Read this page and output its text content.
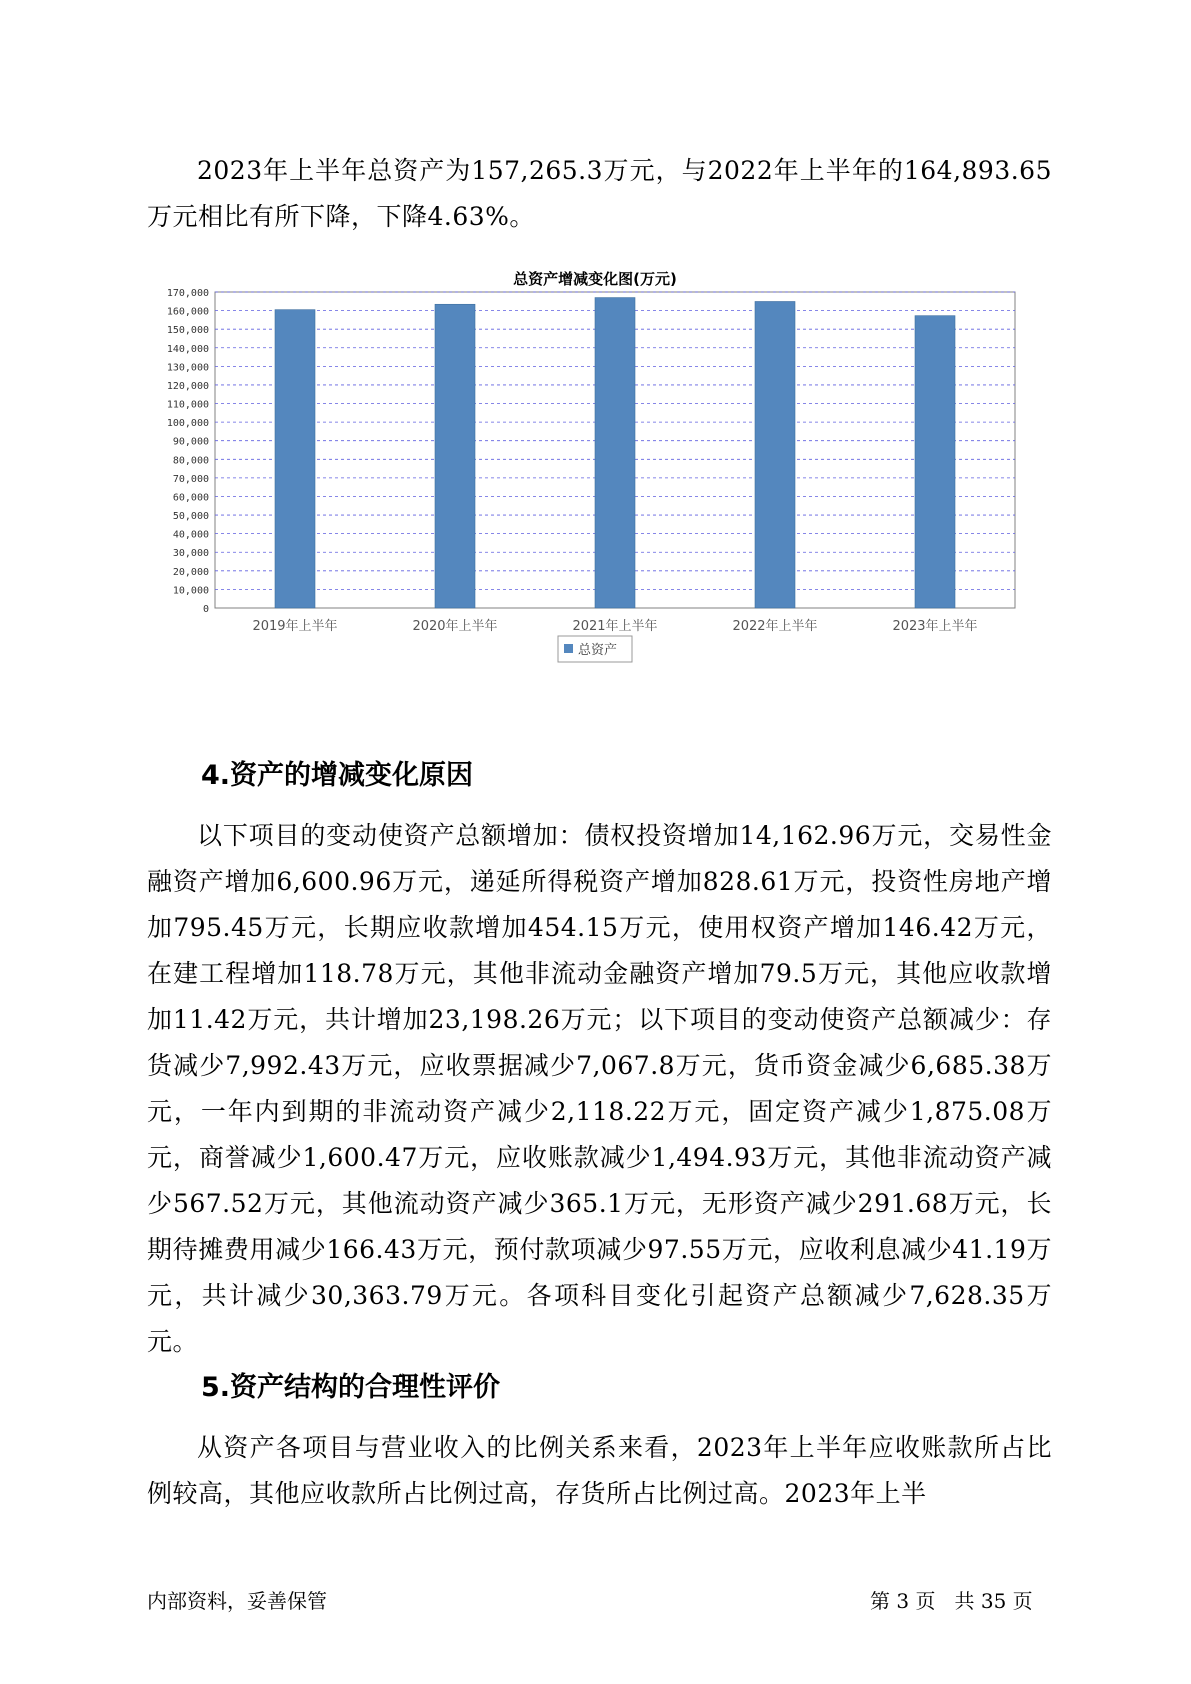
2023年上半年总资产为157,265.3万元，与2022年上半年的164,893.65万元相比有所下降，下降4.63%。

总资产增减变化图(万元)
0
10,000
20,000
30,000
40,000
50,000
60,000
70,000
80,000
90,000
100,000
110,000
120,000
130,000
140,000
150,000
160,000
170,000
2019年上半年	2020年上半年	2021年上半年	2022年上半年	2023年上半年
总资产
4.资产的增减变化原因

以下项目的变动使资产总额增加：债权投资增加14,162.96万元，交易性金融资产增加6,600.96万元，递延所得税资产增加828.61万元，投资性房地产增加795.45万元，长期应收款增加454.15万元，使用权资产增加146.42万元，在建工程增加118.78万元，其他非流动金融资产增加79.5万元，其他应收款增加11.42万元，共计增加23,198.26万元；以下项目的变动使资产总额减少：存货减少7,992.43万元，应收票据减少7,067.8万元，货币资金减少6,685.38万元，一年内到期的非流动资产减少2,118.22万元，固定资产减少1,875.08万元，商誉减少1,600.47万元，应收账款减少1,494.93万元，其他非流动资产减少567.52万元，其他流动资产减少365.1万元，无形资产减少291.68万元，长期待摊费用减少166.43万元，预付款项减少97.55万元，应收利息减少41.19万元，共计减少30,363.79万元。各项科目变化引起资产总额减少7,628.35万元。

5.资产结构的合理性评价

从资产各项目与营业收入的比例关系来看，2023年上半年应收账款所占比例较高，其他应收款所占比例过高，存货所占比例过高。2023年上半

内部资料，妥善保管	第 3 页   共 35 页
